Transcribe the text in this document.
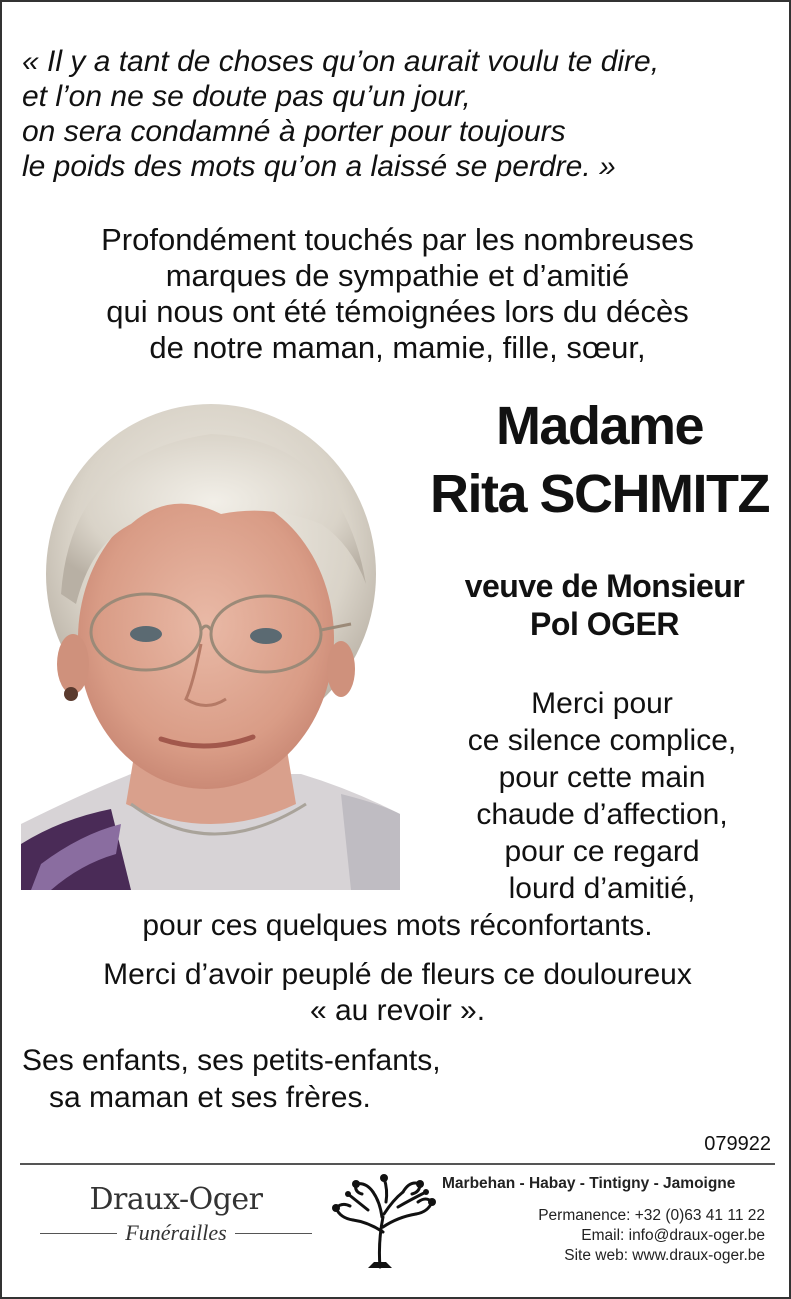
« Il y a tant de choses qu’on aurait voulu te dire,
et l’on ne se doute pas qu’un jour,
on sera condamné à porter pour toujours
le poids des mots qu’on a laissé se perdre. »
Profondément touchés par les nombreuses
marques de sympathie et d’amitié
qui nous ont été témoignées lors du décès
de notre maman, mamie, fille, sœur,
Madame
Rita SCHMITZ
veuve de Monsieur
Pol OGER
Merci pour
ce silence complice,
pour cette main
chaude d’affection,
pour ce regard
lourd d’amitié,
pour ces quelques mots réconfortants.
Merci d’avoir peuplé de fleurs ce douloureux
« au revoir ».
Ses enfants, ses petits-enfants,
sa maman et ses frères.
079922
Draux-Oger
Funérailles
Marbehan - Habay - Tintigny - Jamoigne
Permanence: +32 (0)63 41 11 22
Email: info@draux-oger.be
Site web: www.draux-oger.be
